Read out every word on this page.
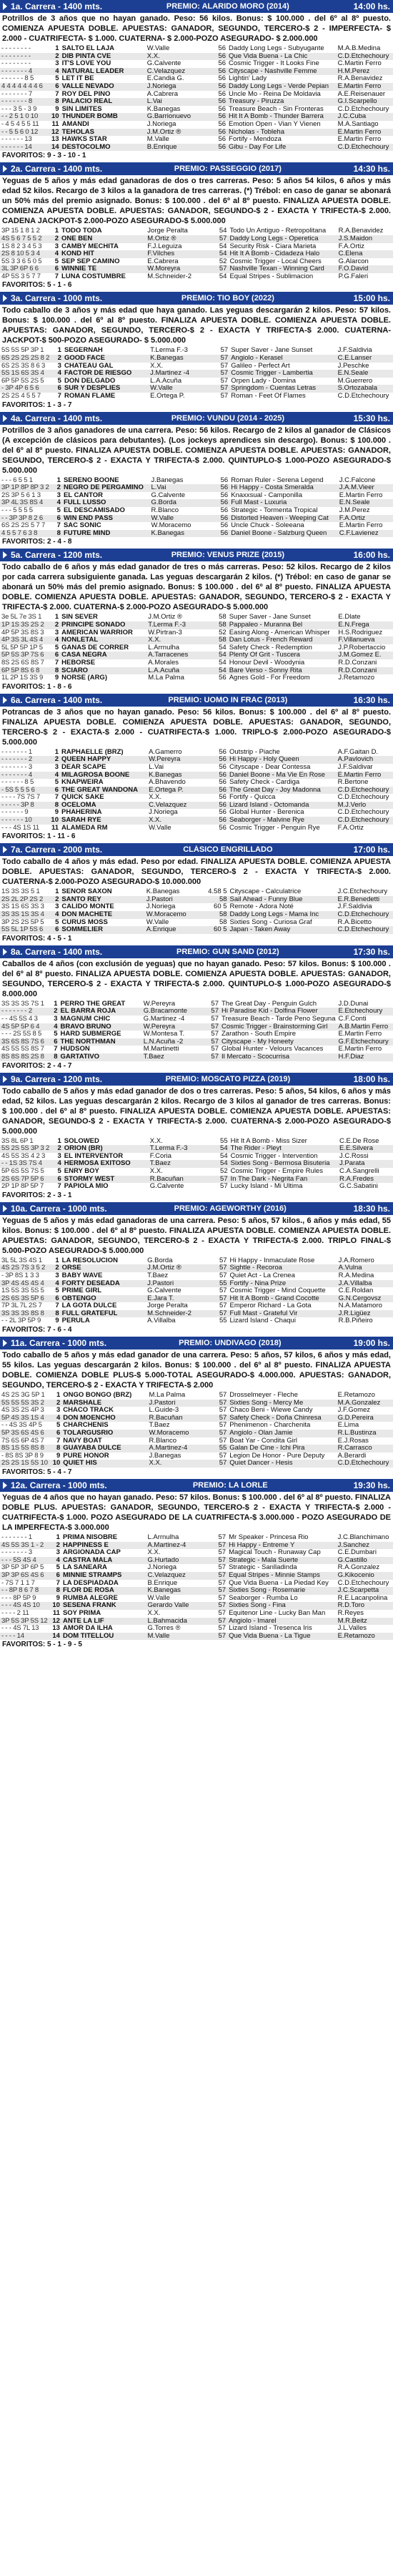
1a. Carrera - 1400 mts.	PREMIO: ALARIDO MORO (2014)	14:00 hs.
Potrillos de 3 años que no hayan ganado. Peso: 56 kilos. Bonus: $ 100.000 . del 6º al 8º puesto. COMIENZA APUESTA DOBLE. APUESTAS: GANADOR, SEGUNDO, TERCERO-$ 2 - IMPERFECTA- $ 2.000 - CUATRIFECTA- $ 1.000. CUATERNA- $ 2.000-POZO ASEGURADO- $ 2.000.000
- - - - - - - -	1	SALTO EL LAJA	W.Valle	56	Daddy Long Legs - Subyugante	M.A.B.Medina
- - - - - - - -	2	DIB PINTA CVE	X.X.	56	Que Vida Buena - La Chic	C.D.Etchechoury
- - - - - - - -	3	IT'S LOVE YOU	G.Calvente	56	Cosmic Trigger - It Looks Fine	C.Martin Ferro
- - - - - - - 4	4	NATURAL LEADER	C.Velazquez	56	Cityscape - Nashville Femme	H.M.Perez
- - - - - - 8 5	5	LET IT BE	E.Candia G.	56	Lightin' Lady	R.A.Benavidez
4 4 4 4 4 4 4 6	6	VALLE NEVADO	J.Noriega	56	Daddy Long Legs - Verde Pepian	E.Martin Ferro
- - - - - - - 7	7	ROY DEL PINO	A.Cabrera	56	Uncle Mo - Reina De Moldavia	A.E.Reisenauer
- - - - - - - 8	8	PALACIO REAL	L.Vai	56	Treasury - Piruzza	G.I.Scarpello
- - - 3 5 - 3 9	9	SIN LIMITES	K.Banegas	56	Treasure Beach - Sin Fronteras	C.D.Etchechoury
- - 2 5 1 0 10	10	THUNDER BOMB	G.Barrionuevo	56	Hit It A Bomb - Thunder Barrera	J.C.Cuba
- 4 5 4 5 5 11	11	AMANDI	J.Noriega	56	Emotion Open - Vian Y Vienen	M.A.Santiago
- - 5 5 6 0 12	12	TEHOLAS	J.M.Ortiz ®	56	Nicholas - Tobleha	E.Martin Ferro
- - - - - - 13	13	HAWKS STAR	M.Valle	56	Fortify - Mendoza	E.Martin Ferro
- - - - - - 14	14	DESTOCOLMO	B.Enrique	56	Gibu - Day For Life	C.D.Etchechoury
FAVORITOS: 9 - 3 - 10 - 1
2a. Carrera - 1400 mts.	PREMIO: PASSEGGIO (2017)	14:30 hs.
Yeguas de 5 años y más edad ganadoras de dos o tres carreras. Peso: 5 años 54 kilos, 6 años y más edad 52 kilos. Recargo de 3 kilos a la ganadora de tres carreras. (*) Trébol: en caso de ganar se abonará un 50% más del premio asignado. Bonus: $ 100.000 . del 6º al 8º puesto. FINALIZA APUESTA DOBLE. COMIENZA APUESTA DOBLE. APUESTAS: GANADOR, SEGUNDO-$ 2 - EXACTA Y TRIFECTA-$ 2.000. CADENA JACKPOT-$ 2.000-POZO ASEGURADO-$ 5.000.000
3P 15 1 8 1 2	1	TODO TODA	Jorge Peralta	54	Todo Un Antiguo - Retropolitana	R.A.Benavidez
4S 5 6 7 5 5 2	2	ONE BEN	M.Ortiz ®	57	Daddy Long Legs - Operetica	J.S.Maidon
1S 8 2 3 4 5 3	3	CAMBY MECHITA	F.J.Leguiza	54	Security Risk - Ciara Marieta	F.A.Ortiz
2S 8 10 5 3 4	4	KOND HIT	F.Vilches	54	Hit It A Bomb - Cidadeza Halo	C.Elena
5S 3 3 6 5 0 5	5	SEP SEP CAMINO	E.Cabrera	52	Cosmic Trigger - Local Cheers	G.Alarcon
3L 3P 6P 6 6	6	WINNIE TE	W.Moreyra	57	Nashville Texan - Winning Card	F.O.David
4P 5S 3 5 7 7	7	LUNA COSTUMBRE	M.Schneider-2	54	Equal Stripes - Sublimacion	P.G.Faleri
FAVORITOS: 5 - 1 - 6
3a. Carrera - 1000 mts.	PREMIO: TIO BOY (2022)	15:00 hs.
Todo caballo de 3 años y más edad que haya ganado. Las yeguas descargarán 2 kilos. Peso: 57 kilos. Bonus: $ 100.000 . del 6º al 8º puesto. FINALIZA APUESTA DOBLE. COMIENZA APUESTA DOBLE. APUESTAS: GANADOR, SEGUNDO, TERCERO-$ 2 - EXACTA Y TRIFECTA-$ 2.000. CUATERNA- JACKPOT-$ 500-POZO ASEGURADO- $ 5.000.000
5S 5S 5P 3P 1	1	SEGERNAH	T.Lerma F.-3	57	Super Saver - Jane Sunset	J.F.Saldivia
6S 2S 2S 2S 8 2	2	GOOD FACE	K.Banegas	57	Angiolo - Kerasel	C.E.Lanser
6S 2S 3S 8 6 3	3	CHATEAU GAL	X.X.	57	Galileo - Perfect Art	J.Peschke
5S 1S 6S 3S 4	4	FACTOR DE RIESGO	J.Martinez -4	57	Cosmic Trigger - Lambertia	E.N.Seale
6P 5P 5S 2S 5	5	DON DELGADO	L.A.Acuña	57	Orpen Lady - Domina	M.Guerrero
- 3P 4P 6 5 6	6	SUR Y DESPLIES	W.Valle	57	Springdom - Cuentas Letras	S.Ortozabala
2S 2S 4 5 5 7	7	ROMAN FLAME	E.Ortega P.	57	Roman - Feet Of Flames	C.D.Etchechoury
FAVORITOS: 1 - 3 - 7
4a. Carrera - 1400 mts.	PREMIO: VUNDU (2014 - 2025)	15:30 hs.
Potrillos de 3 años ganadores de una carrera. Peso: 56 kilos. Recargo de 2 kilos al ganador de Clásicos (A excepción de clásicos para debutantes). (Los jockeys aprendices sin descargo). Bonus: $ 100.000 . del 6º al 8º puesto. FINALIZA APUESTA DOBLE. COMIENZA APUESTA DOBLE. APUESTAS: GANADOR, SEGUNDO, TERCERO-$ 2 - EXACTA Y TRIFECTA-$ 2.000. QUINTUPLO-$ 1.000-POZO ASEGURADO-$ 5.000.000
- - - 6 5 5 1	1	SERENO BOONE	J.Banegas	56	Roman Ruler - Serena Legend	J.C.Falcone
3P 1P 8P 8P 3 2	2	NEGRO DE PERGAMINO	L.Vai	56	Hi Happy - Costa Smeralda	J.A.M.Vieer
2S 3P 5 6 1 3	3	EL CANTOR	G.Calvente	56	Knaxxsual - Camponilla	E.Martin Ferro
3P 4L 3S 8S 4	4	FULL LUSSO	G.Borda	56	Full Mast - Luxuria	E.N.Seale
- - - 5 5 5 5	5	EL DESCAMISADO	R.Blanco	56	Strategic - Tormenta Tropical	J.M.Perez
- - 3P 3P 8 2 6	6	WIN END PASS	W.Valle	56	Distorted Heaven - Weeping Cat	F.A.Ortiz
6S 2S 2S 5 7 7	7	SAC SONIC	W.Moracemo	56	Uncle Chuck - Soleeana	E.Martin Ferro
4 5 5 7 6 3 8	8	FUTURE MIND	K.Banegas	56	Daniel Boone - Salzburg Queen	C.F.Lavienez
FAVORITOS: 2 - 4 - 8
5a. Carrera - 1200 mts.	PREMIO: VENUS PRIZE (2015)	16:00 hs.
Todo caballo de 6 años y más edad ganador de tres o más carreras. Peso: 52 kilos. Recargo de 2 kilos por cada carrera subsiguiente ganada. Las yeguas descargarán 2 kilos. (*) Trébol: en caso de ganar se abonará un 50% más del premio asignado. Bonus: $ 100.000 . del 6º al 8º puesto. FINALIZA APUESTA DOBLE. COMIENZA APUESTA DOBLE. APUESTAS: GANADOR, SEGUNDO, TERCERO-$ 2 - EXACTA Y TRIFECTA-$ 2.000. CUATERNA-$ 2.000-POZO ASEGURADO-$ 5.000.000
3e 5L 7e 3S 1	1	SIN SEVER	J.M.Ortiz ®	58	Super Saver - Jane Sunset	E.Dlate
1P 1S 3S 2S 2	2	PRINCIPE SOÑADO	T.Lerma F.-3	58	Pappaleo - Muranna Bel	E.N.Frega
4P 5P 3S 8S 3	3	AMERICAN WARRIOR	W.Pirtran-3	52	Easing Along - American Whisper	H.S.Rodriguez
4P 3S 3L 4S 4	4	NONLETAL	X.X.	58	Dan Lotus - French Reward	F.Villanueva
5L 5P 5P 1P 5	5	GANAS DE CORRER	L.Arrnulha	54	Safety Check - Redemption	J.P.Robertaccio
5P 5S 3P 7S 6	6	CASA NEGRA	A.Tarracenes	54	Plenty Of Grit - Tuscera	J.M.Gomez E.
8S 2S 6S 8S 7	7	HEBORSE	A.Morales	54	Honour Devil - Woodynia	R.D.Conzani
6P 5P 8S 6 8	8	SCIARO	L.A.Acuña	54	Bare Verso - Sonny Rita	R.D.Conzani
1L 2P 1S 3S 9	9	NORSE (ARG)	M.La Palma	56	Agnes Gold - For Freedom	J.Retamozo
FAVORITOS: 1 - 8 - 6
6a. Carrera - 1400 mts.	PREMIO: UOMO IN FRAC (2013)	16:30 hs.
Potrancas de 3 años que no hayan ganado. Peso: 56 kilos. Bonus: $ 100.000 . del 6º al 8º puesto. FINALIZA APUESTA DOBLE. COMIENZA APUESTA DOBLE. APUESTAS: GANADOR, SEGUNDO, TERCERO-$ 2 - EXACTA-$ 2.000 - CUATRIFECTA-$ 1.000. TRIPLO-$ 2.000-POZO ASEGURADO-$ 5.000.000
- - - - - - - 1	1	RAPHAELLE (BRZ)	A.Gamerro	56	Outstrip - Piache	A.F.Gaitan D.
- - - - - - - 2	2	QUEEN HAPPY	W.Pereyra	56	Hi Happy - Holy Queen	A.Pavlovich
- - - - - - - 3	3	DEAR SCAPE	L.Vai	56	Cityscape - Dear Contessa	J.F.Saldivar
- - - - - - - 4	4	MILAGROSA BOONE	K.Banegas	56	Daniel Boone - Ma Vie En Rose	E.Martin Ferro
- - - - - - 8 5	5	KNAPWEIRA	A.Bhavendo	56	Safety Check - Cardiga	R.Bertone
- 5S 5 5 5 6	6	THE GREAT WANDONA	E.Ortega P.	56	The Great Day - Joy Madonna	C.D.Etchechoury
- - - - 7S 7S 7	7	QUICK SAKE	X.X.	56	Fortify - Quicca	C.D.Etchechoury
- - - - - 3P 8	8	OCELOMA	C.Velazquez	56	Lizard Island - Octomanda	M.J.Verlo
- - - - - - 9	9	PHAHERINA	J.Noriega	56	Global Hunter - Berenica	C.D.Etchechoury
- - - - - - 10	10	SARAH RYE	X.X.	56	Seaborger - Malvine Rye	C.D.Etchechoury
- - - 4S 1S 11	11	ALAMEDA RM	W.Valle	56	Cosmic Trigger - Penguin Rye	F.A.Ortiz
FAVORITOS: 1 - 11 - 6
7a. Carrera - 2000 mts.	CLÁSICO ENGRILLADO	17:00 hs.
Todo caballo de 4 años y más edad. Peso por edad. FINALIZA APUESTA DOBLE. COMIENZA APUESTA DOBLE. APUESTAS: GANADOR, SEGUNDO, TERCERO-$ 2 - EXACTA Y TRIFECTA-$ 2.000. CUATERNA-$ 2.000-POZO ASEGURADO-$ 10.000.000
1S 3S 3S 5 1	1	SEÑOR SAXON	K.Banegas	4.58 5	Cityscape - Calculatrice	J.C.Etchechoury
2S 2L 2P 2S 2	2	SANTO REY	J.Pastori	58	Sail Ahead - Funny Blue	E.R.Benedetti
3S 1S 6S 3S 3	3	CALIDO MONTE	J.Noriega	60 5	Remote - Adora Noté	J.F.Saldivia
3S 3S 1S 3S 4	4	DON MACHETE	W.Moracemo	58	Daddy Long Legs - Mama Inc	C.D.Etchechoury
3P 2S 2S 5P 5	5	CURUS MOSS	W.Valle	58	Sixties Song - Curiosa Graf	R.A.Bicetto
5S 5L 1P 5S 6	6	SOMMELIER	A.Enrique	60 5	Japan - Taken Away	C.D.Etchechoury
FAVORITOS: 4 - 5 - 1
8a. Carrera - 1400 mts.	PREMIO: GUN SAND (2012)	17:30 hs.
Caballos de 4 años (con exclusión de yeguas) que no hayan ganado. Peso: 57 kilos. Bonus: $ 100.000 . del 6º al 8º puesto. FINALIZA APUESTA DOBLE. COMIENZA APUESTA DOBLE. APUESTAS: GANADOR, SEGUNDO, TERCERO-$ 2 - EXACTA Y TRIFECTA-$ 2.000. QUINTUPLO-$ 1.000-POZO ASEGURADO-$ 8.000.000
3S 3S 3S 7S 1	1	PERRO THE GREAT	W.Pereyra	57	The Great Day - Penguin Gulch	J.D.Dunai
- - - - - - - 2	2	EL BARRA ROJA	G.Bracamonte	57	Hi Paradise Kid - Dolfina Flower	E.Etchechoury
- - 4S 5S 4 3	3	MAGNUM CHIC	G.Martinez -4	57	Treasure Beach - Tarde Peno Seguna	C.F.Conti
4S 5P 5P 6 4	4	BRAVO BRUNO	W.Pereyra	57	Cosmic Trigger - Brainstorming Girl	A.B.Martin Ferro
- - - 2S 5S 8 5	5	HARD SUBMERGE	W.Montesa T.	57	Zarathon - South Empire	E.Martin Ferro
3S 6S 8S 7S 6	6	THE NORTHMAN	L.N.Acuña -2	57	Cityscape - My Honeety	G.F.Etchechoury
4S 5S 5S 8S 7	7	HUDSON	M.Martinetti	57	Global Hunter - Velours Vacances	E.Martin Ferro
8S 8S 8S 2S 8	8	GARTATIVO	T.Baez	57	Il Mercato - Scocurrisa	H.F.Diaz
FAVORITOS: 2 - 4 - 7
9a. Carrera - 1200 mts.	PREMIO: MOSCATO PIZZA (2019)	18:00 hs.
Todo caballo de 5 años y más edad ganador de dos o tres carreras. Peso: 5 años, 54 kilos, 6 años y más edad, 52 kilos. Las yeguas descargarán 2 kilos. Recargo de 3 kilos al ganador de tres carreras. Bonus: $ 100.000 . del 6º al 8º puesto. FINALIZA APUESTA DOBLE. COMIENZA APUESTA DOBLE. APUESTAS: GANADOR, SEGUNDO-$ 2 - EXACTA Y TRIFECTA-$ 2.000. CUATERNA-$ 2.000-POZO ASEGURADO-$ 5.000.000
3S 8L 6P 1	1	SOLOWED	X.X.	55	Hit It A Bomb - Miss Sizer	C.E.De Rose
5S 2S 5S 3P 3 2	2	ORION (BR)	T.Lerma F.-3	54	The Rider - Pleyt	E.E.Silvera
4S 5S 3S 4 2 3	3	EL INTERVENTOR	F.Coria	54	Cosmic Trigger - Intervention	J.C.Rossi
- - 1S 3S 7S 4	4	HERMOSA EXITOSO	T.Baez	54	Sixties Song - Bermosa Bisuteria	J.Parata
5P 6S 5S 7S 5	5	ENRY BOY	X.X.	52	Cosmic Trigger - Empire Rules	C.A.Sangrelli
2S 6S 7P 5P 6	6	STORMY WEST	R.Bacuñan	57	In The Dark - Negrita Fan	R.A.Fredes
2P 1P 8P 5P 7	7	PAPIOLA MIO	G.Calvente	57	Lucky Island - Mi Ultima	G.C.Sabatini
FAVORITOS: 2 - 3 - 1
10a. Carrera - 1000 mts.	PREMIO: AGEWORTHY (2016)	18:30 hs.
Yeguas de 5 años y más edad ganadoras de una carrera. Peso: 5 años, 57 kilos., 6 años y más edad, 55 kilos. Bonus: $ 100.000 . del 6º al 8º puesto. FINALIZA APUESTA DOBLE. COMIENZA APUESTA DOBLE. APUESTAS: GANADOR, SEGUNDO, TERCERO-$ 2 - EXACTA Y TRIFECTA-$ 2.000. TRIPLO FINAL-$ 5.000-POZO ASEGURADO-$ 5.000.000
3L 5L 3S 4S 1	1	LA RESOLUCION	G.Borda	57	Hi Happy - Inmaculate Rose	J.A.Romero
4S 2S 7S 3 5 2	2	ORSE	J.M.Ortiz ®	57	Sightle - Recoroa	A.Vulna
- 3P 8S 1 3 3	3	BABY WAVE	T.Baez	57	Quiet Act - La Crenea	R.A.Medina
3P 4S 4S 4S 4	4	FORTY DESEADA	J.Pastori	55	Fortify - Nina Prize	J.A.Villalba
1S 5S 3S 5S 5	5	PRIME GIRL	G.Calvente	57	Cosmic Trigger - Mind Coquette	C.E.Roldan
2S 6S 3S 5P 6	6	OBTENGO	E.Jara T.	57	Hit It A Bomb - Grand Cocotte	G.N.Cergovsz
7P 3L 7L 2S 7	7	LA GOTA DULCE	Jorge Peralta	57	Emperor Richard - La Gota	N.A.Matamoro
3S 3S 3S 8S 8	8	FULL GRATEFUL	M.Schneider-2	57	Full Mast - Grateful Vir	J.R.Ligüez
- - 2L 3P 5P 9	9	PERULA	A.Villalba	55	Lizard Island - Chaqui	R.B.Piñeiro
FAVORITOS: 7 - 6 - 4
11a. Carrera - 1000 mts.	PREMIO: UNDIVAGO (2018)	19:00 hs.
Todo caballo de 5 años y más edad ganador de una carrera. Peso: 5 años, 57 kilos, 6 años y más edad, 55 kilos. Las yeguas descargarán 2 kilos. Bonus: $ 100.000 . del 6º al 8º puesto. FINALIZA APUESTA DOBLE. COMIENZA DOBLE PLUS-$ 5.000-TOTAL ASEGURADO-$ 4.000.000. APUESTAS: GANADOR, SEGUNDO, TERCERO-$ 2 - EXACTA Y TRIFECTA-$ 2.000
4S 2S 3G 5P 1	1	ONGO BONGO (BRZ)	M.La Palma	57	Drosselmeyer - Fleche	E.Retamozo
5S 5S 5S 3S 2	2	MARSHALE	J.Pastori	57	Sixties Song - Mercy Me	M.A.Gonzalez
4S 3S 2S 4P 3	3	CHACO TRACK	L.Guide-3	57	Chaco Beni - Wiewe Candy	J.F.Gomez
5P 4S 3S 1S 4	4	DON MOENCHO	R.Bacuñan	57	Safety Check - Doña Chinresa	G.D.Pereira
- - 4S 3S 4P 5	5	CHARCHENIS	T.Baez	57	Phenimenon - Charchenita	E.Lima
5P 3S 6S 4S 6	6	TOLARGUSRIO	W.Moracemo	57	Angiolo - Olan Jamie	R.L.Bustinza
7S 6S 6P 4S 7	7	NAVY BOAT	R.Blanco	57	Boat Yar - Condita Girl	E.J.Rosas
8S 1S 5S 8S 8	8	GUAYABA DULCE	A.Martinez-4	55	Galan De Cine - Ichi Pira	R.Carrasco
- 8S 8S 3P 8 9	9	PURE HONOR	J.Banegas	57	Legion De Honor - Pure Deputy	A.Berardi
2S 2S 1S 5S 10	10	QUIET HIS	X.X.	57	Quiet Dancer - Hesis	C.D.Etchechoury
FAVORITOS: 5 - 4 - 7
12a. Carrera - 1000 mts.	PREMIO: LA LORLE	19:30 hs.
Yeguas de 4 años que no hayan ganado. Peso: 57 kilos. Bonus: $ 100.000 . del 6º al 8º puesto. FINALIZA DOBLE PLUS. APUESTAS: GANADOR, SEGUNDO, TERCERO-$ 2 - EXACTA Y TRIFECTA-$ 2.000 - CUATRIFECTA-$ 1.000. POZO ASEGURADO DE LA CUATRIFECTA-$ 3.000.000 - POZO ASEGURADO DE LA IMPERFECTA-$ 3.000.000
- - - - - - - 1	1	PRIMA NISOBRE	L.Arrnulha	57	Mr Speaker - Princesa Rio	J.C.Blanchimano
4S 5S 3S 1 - 2	2	HAPPINESS E	A.Martinez-4	57	Hi Happy - Entreme Y	J.Sanchez
- - - - - - - 3	3	ARGIONADA CAP	X.X.	57	Magical Touch - Runaway Cap	C.E.Dumbari
- - - 5S 4S 4	4	CASTRA MALA	G.Hurtado	57	Strategic - Mala Suerte	G.Castillo
3P 5P 3P 6P 5	5	LA SANEARA	J.Noriega	57	Strategic - Sanlladinda	R.A.Gonzalez
3P 3P 6S 4S 6	6	MINNIE STRAMPS	C.Velazquez	57	Equal Stripes - Minnie Stamps	G.Kikocenio
- 7S 7 1 1 7	7	LA DESPIADADA	B.Enrique	57	Que Vida Buena - La Piedad Key	C.D.Etchechoury
- - 8P 8 6 7 8	8	FLOR DE ROSA	K.Banegas	57	Sixties Song - Rosemarie	J.C.Scarpetta
- - - 8P 5P 9	9	RUMBA ALEGRE	W.Valle	57	Seaborger - Rumba Lo	R.E.Lacanpolina
- - - 4S 4S 10	10	SESENA FRANK	Gerardo Valle	57	Sixties Song - Fina	R.D.Toro
- - - - 2 11	11	SOY PRIMA	X.X.	57	Equitenor Line - Lucky Ban Man	R.Reyes
3P 5S 3P 5S 12	12	ANTE LA LIF	L.Bahmacida	57	Angiolo - Imarel	M.R.Beitz
- - - 4S 7L 13	13	AMOR DA ILHA	G.Torres ®	57	Lizard Island - Tresenca Iris	J.L.Valles
- - - - 14	14	DOM TITELLOU	M.Valle	57	Que Vida Buena - La Tigue	E.Retamozo
FAVORITOS: 5 - 1 - 9 - 5
